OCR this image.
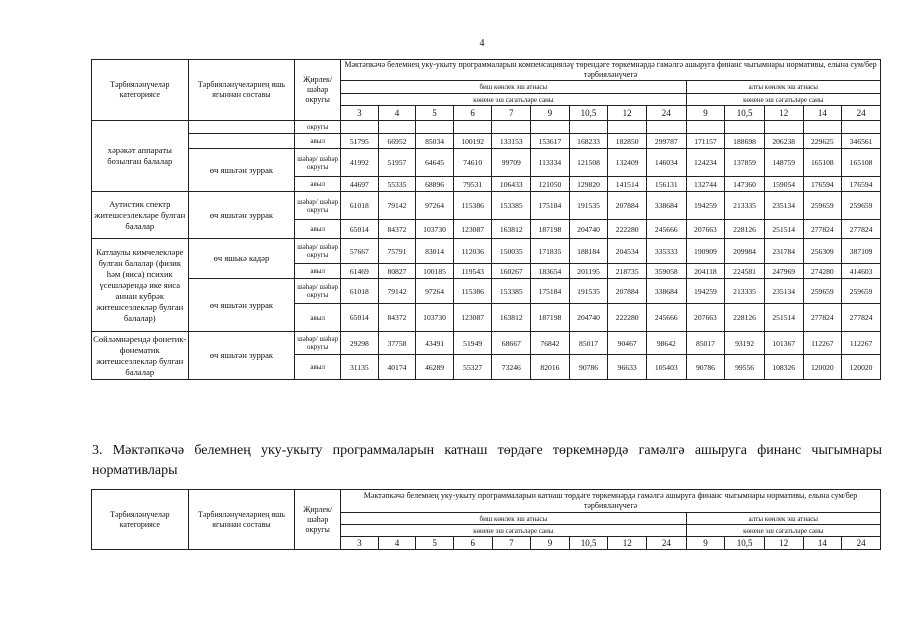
4
Тәрбияләнүчеләр категориясе	Тәрбияләнүчеләрнең яшь ягыннан составы	Җирлек/ шәһәр округы	Мәктәпкәчә белемнең уку-укыту программаларын компенсацияләү төрендәге төркемнәрдә гамәлгә ашыруга финанс чыгымнары нормативы, елына сум/бер тәрбияләнүчегә													
			биш көнлек эш атнасы									алты көнлек эш атнасы				
			көнене эш сәгатьләре саны									көнене эш сәгатьләре саны				
			3	4	5	6	7	9	10,5	12	24	9	10,5	12	14	24
хәрәкәт аппараты бозылган балалар		округы														
		авыл	51795	66952	85034	100192	133153	153617	168233	182850	299787	171157	188698	206238	229625	346561
	өч яшьтән зуррак	шәһәр/ шәһәр округы	41992	51957	64645	74610	99709	113334	121508	132409	146034	124234	137859	148759	165108	165108
		авыл	44697	55335	68896	79531	106433	121050	129820	141514	156131	132744	147360	159054	176594	176594
Аутистик спектр житешсезлекләре булган балалар	өч яшьтән зуррак	шәһәр/ шәһәр округы	61018	79142	97264	115386	153385	175184	191535	207884	338684	194259	213335	235134	259659	259659
		авыл	65014	84372	103730	123087	163812	187198	204740	222280	245666	207663	228126	251514	277824	277824
Катлаулы кимчелекләре булган балалар (физик һәм (яиса) психик үсешләрендә ике яиса аннан кубрәк житешсезлекләр булган балалар)	өч яшькә кадәр	шәһәр/ шәһәр округы	57667	75791	83014	112036	150035	171835	188184	204534	335333	190909	209984	231784	256309	387109
		авыл	61469	80827	100185	119543	160267	183654	201195	218735	359058	204118	224581	247969	274280	414603
	өч яшьтән зуррак	шәһәр/ шәһәр округы	61018	79142	97264	115386	153385	175184	191535	207884	338684	194259	213335	235134	259659	259659
		авыл	65014	84372	103730	123087	163812	187198	204740	222280	245666	207663	228126	251514	277824	277824
Сөйләмнәрендә фонетик-фонематик житешсезлекләр булган балалар	өч яшьтән зуррак	шәһәр/ шәһәр округы	29298	37758	43491	51949	68667	76842	85017	90467	98642	85017	93192	101367	112267	112267
		авыл	31135	40174	46289	55327	73246	82016	90786	96633	105403	90786	99556	108326	120020	120020
3. Мәктәпкәчә белемнең уку-укыту программаларын катнаш төрдәге төркемнәрдә гамәлгә ашыруга финанс чыгымнары нормативлары
Тәрбияләнүчеләр категориясе	Тәрбияләнүчеләрнең яшь ягыннан составы	Җирлек/ шәһәр округы	Мәктәпкәчә белемнең уку-укыту программаларын катнаш төрдәге төркемнәрдә гамәлгә ашыруга финанс чыгымнары нормативы, елына сум/бер тәрбияләнүчегә													
			биш көнлек эш атнасы									алты көнлек эш атнасы				
			көнене эш сәгатьләре саны									көнене эш сәгатьләре саны				
			3	4	5	6	7	9	10,5	12	24	9	10,5	12	14	24
